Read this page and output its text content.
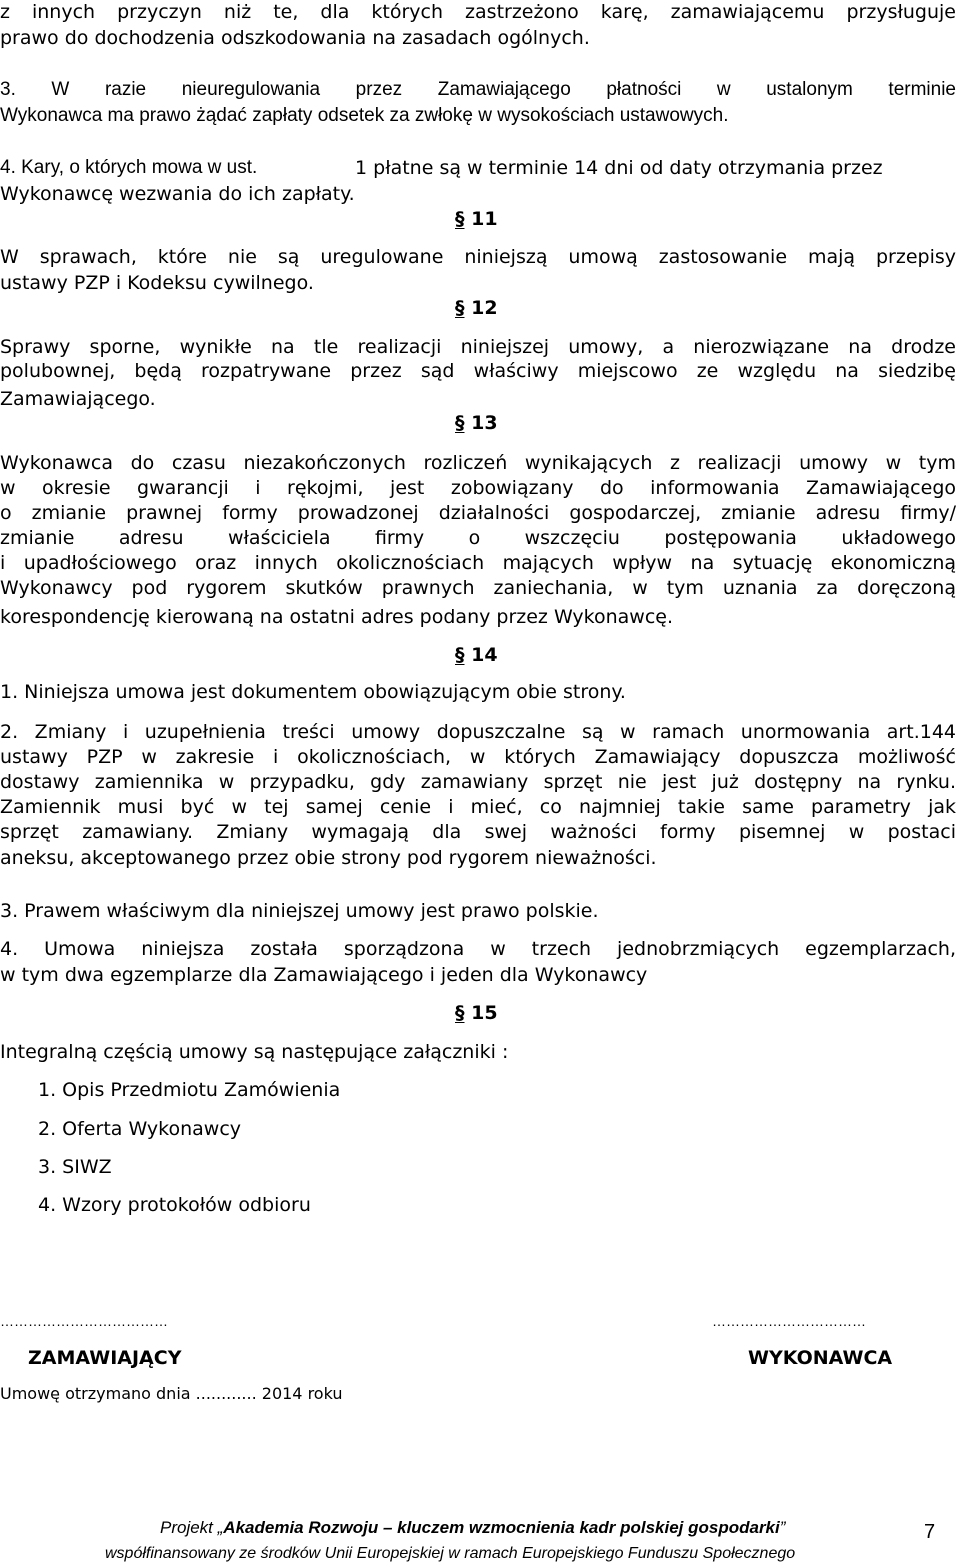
z innych przyczyn niż te, dla których zastrzeżono karę, zamawiającemu przysługuje
prawo do dochodzenia odszkodowania na zasadach ogólnych.
3. W razie nieuregulowania przez Zamawiającego płatności w ustalonym terminie
Wykonawca ma prawo żądać zapłaty odsetek za zwłokę w wysokościach ustawowych.
4. Kary, o których mowa w ust.	1 płatne są w terminie 14 dni od daty otrzymania przez
Wykonawcę wezwania do ich zapłaty.
§ 11
W sprawach, które nie są uregulowane niniejszą umową zastosowanie mają przepisy
ustawy PZP i Kodeksu cywilnego.
§ 12
Sprawy sporne, wynikłe na tle realizacji niniejszej umowy, a nierozwiązane na drodze
polubownej, będą rozpatrywane przez sąd właściwy miejscowo ze względu na siedzibę
Zamawiającego.
§ 13
Wykonawca do czasu niezakończonych rozliczeń wynikających z realizacji umowy w tym
w okresie gwarancji i rękojmi, jest zobowiązany do informowania Zamawiającego
o zmianie prawnej formy prowadzonej działalności gospodarczej, zmianie adresu firmy/
zmianie adresu właściciela firmy o wszczęciu postępowania układowego
i upadłościowego oraz innych okolicznościach mających wpływ na sytuację ekonomiczną
Wykonawcy pod rygorem skutków prawnych zaniechania, w tym uznania za doręczoną
korespondencję kierowaną na ostatni adres podany przez Wykonawcę.
§ 14
1. Niniejsza umowa jest dokumentem obowiązującym obie strony.
2. Zmiany i uzupełnienia treści umowy dopuszczalne są w ramach unormowania art.144
ustawy PZP w zakresie i okolicznościach, w których Zamawiający dopuszcza możliwość
dostawy zamiennika w przypadku, gdy zamawiany sprzęt nie jest już dostępny na rynku.
Zamiennik musi być w tej samej cenie i mieć, co najmniej takie same parametry jak
sprzęt zamawiany. Zmiany wymagają dla swej ważności formy pisemnej w postaci
aneksu, akceptowanego przez obie strony pod rygorem nieważności.
3. Prawem właściwym dla niniejszej umowy jest prawo polskie.
4. Umowa niniejsza została sporządzona w trzech jednobrzmiących egzemplarzach,
w tym dwa egzemplarze dla Zamawiającego i jeden dla Wykonawcy
§ 15
Integralną częścią umowy są następujące załączniki :
1. Opis Przedmiotu Zamówienia
2. Oferta Wykonawcy
3. SIWZ
4. Wzory protokołów odbioru
………………………………	……………………………
ZAMAWIAJĄCY	WYKONAWCA
Umowę otrzymano dnia ............ 2014 roku
Projekt „Akademia Rozwoju – kluczem wzmocnienia kadr polskiej gospodarki”
współfinansowany ze środków Unii Europejskiej w ramach Europejskiego Funduszu Społecznego
7
